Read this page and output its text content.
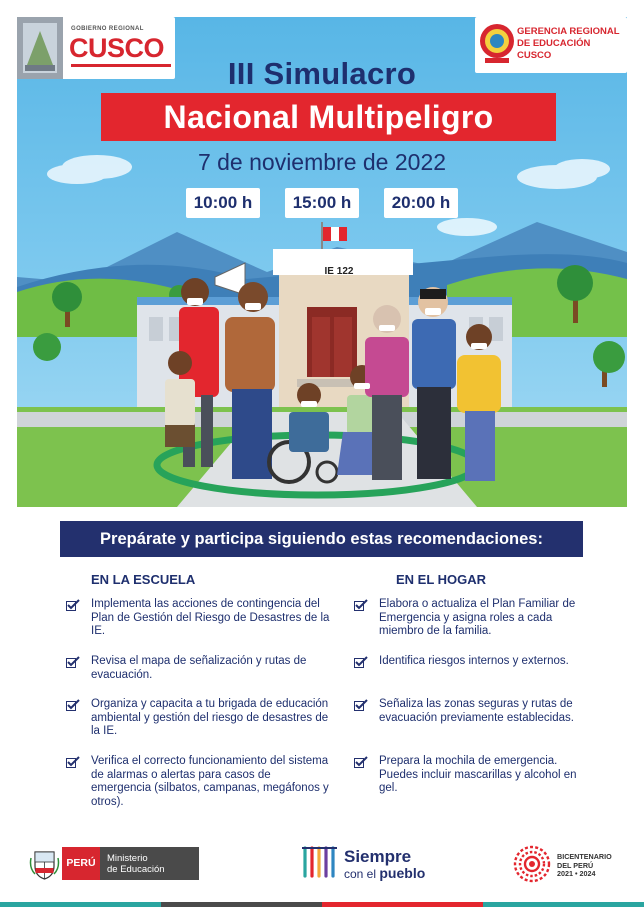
GOBIERNO REGIONAL
CUSCO
GERENCIA REGIONAL DE EDUCACIÓN CUSCO
IE 122
III Simulacro
Nacional Multipeligro
7 de noviembre de 2022
10:00 h	15:00 h	20:00 h
Prepárate y participa siguiendo estas recomendaciones:
EN LA ESCUELA	EN EL HOGAR
Implementa las acciones de contingencia del Plan de Gestión del Riesgo de Desastres de la IE.
Revisa el mapa de señalización y rutas de evacuación.
Organiza y capacita a tu brigada de educación ambiental y gestión del riesgo de desastres de la IE.
Verifica el correcto funcionamiento del sistema de alarmas o alertas para casos de emergencia (silbatos, campanas, megáfonos y otros).
Elabora o actualiza el Plan Familiar de Emergencia y asigna roles a cada miembro de la familia.
Identifica riesgos internos y externos.
Señaliza las zonas seguras y rutas de evacuación previamente establecidas.
Prepara la mochila de emergencia. Puedes incluir mascarillas y alcohol en gel.
PERÚ	Ministerio
de Educación
Siempre
con el pueblo
BICENTENARIO
DEL PERÚ
2021 • 2024
